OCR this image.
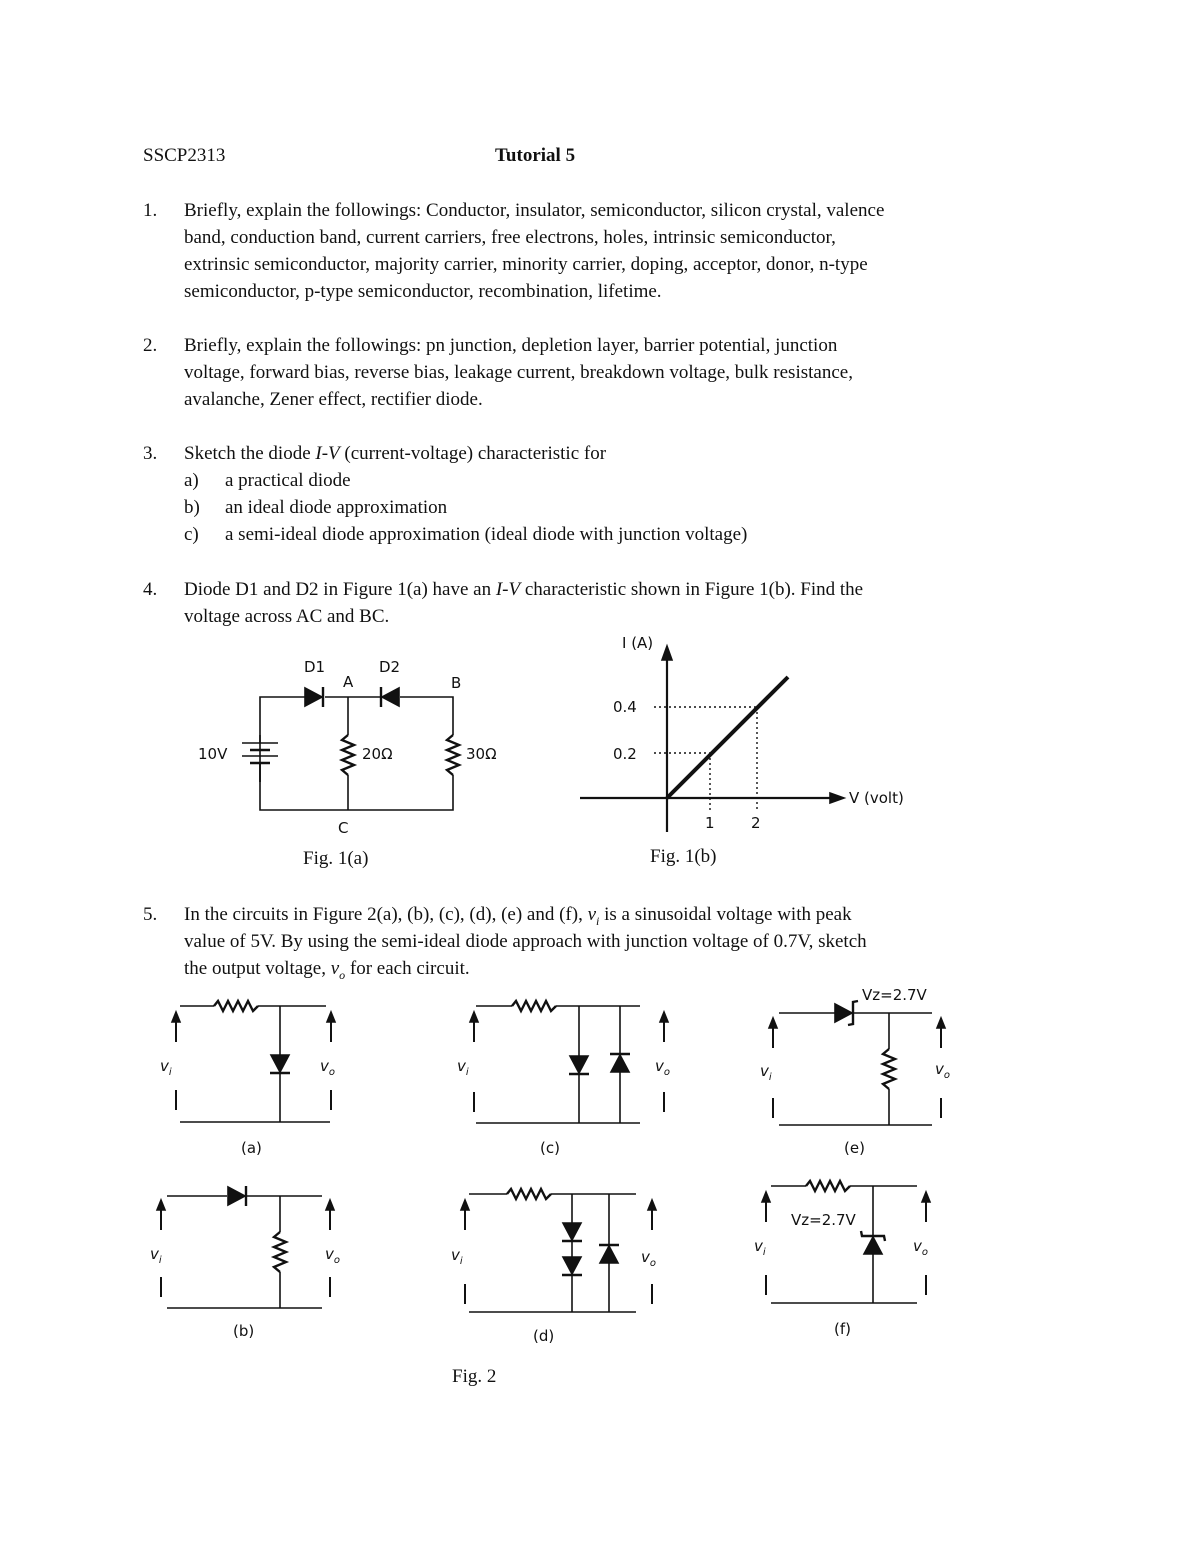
SSCP2313	Tutorial 5
1. Briefly, explain the followings: Conductor, insulator, semiconductor, silicon crystal, valence
band, conduction band, current carriers, free electrons, holes, intrinsic semiconductor,
extrinsic semiconductor, majority carrier, minority carrier, doping, acceptor, donor, n-type
semiconductor, p-type semiconductor, recombination, lifetime.
2. Briefly, explain the followings: pn junction, depletion layer, barrier potential, junction
voltage, forward bias, reverse bias, leakage current, breakdown voltage, bulk resistance,
avalanche, Zener effect, rectifier diode.
3. Sketch the diode I-V (current-voltage) characteristic for
a) a practical diode
b) an ideal diode approximation
c) a semi-ideal diode approximation (ideal diode with junction voltage)
4. Diode D1 and D2 in Figure 1(a) have an I-V characteristic shown in Figure 1(b). Find the
voltage across AC and BC.
D1	D2
A	B
C
10V	20Ω	30Ω
Fig. 1(a)
I (A)
V (volt)
0.4
0.2
1 2
Fig. 1(b)
5. In the circuits in Figure 2(a), (b), (c), (d), (e) and (f), $v_i$ is a sinusoidal voltage with peak
value of 5V. By using the semi-ideal diode approach with junction voltage of 0.7V, sketch
the output voltage, $v_o$ for each circuit.
$v_i$	$v_o$
$v_i$	$v_o$
$v_i$	$v_o$
$v_i$	$v_o$
$v_i$	$v_o$
$v_i$	$v_o$
Vz=2.7V
Vz=2.7V
(a)
(b)
(c)
(d)
(e)
(f)
Fig. 2
